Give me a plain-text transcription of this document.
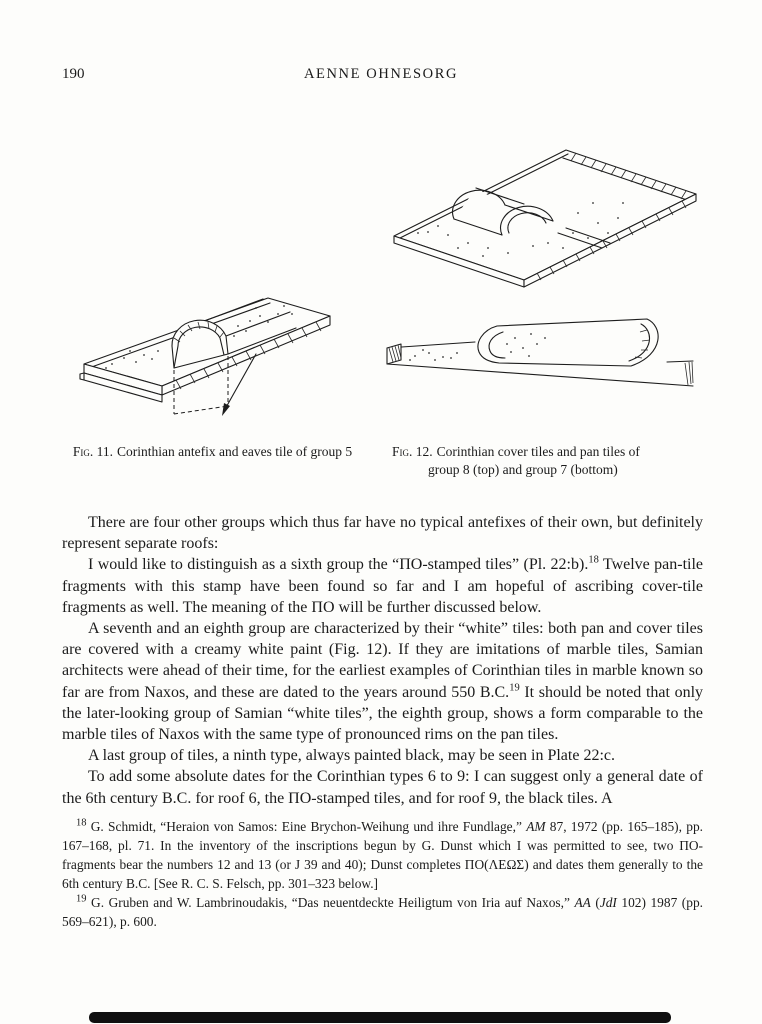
190	AENNE OHNESORG
Fig. 11. Corinthian antefix and eaves tile of group 5	Fig. 12. Corinthian cover tiles and pan tiles of
group 8 (top) and group 7 (bottom)
There are four other groups which thus far have no typical antefixes of their own, but definitely represent separate roofs:
I would like to distinguish as a sixth group the “ΠΟ-stamped tiles” (Pl. 22:b).$^{18}$ Twelve pan-tile fragments with this stamp have been found so far and I am hopeful of ascribing cover-tile fragments as well. The meaning of the ΠΟ will be further discussed below.
A seventh and an eighth group are characterized by their “white” tiles: both pan and cover tiles are covered with a creamy white paint (Fig. 12). If they are imitations of marble tiles, Samian architects were ahead of their time, for the earliest examples of Corinthian tiles in marble known so far are from Naxos, and these are dated to the years around 550 B.C.$^{19}$ It should be noted that only the later-looking group of Samian “white tiles”, the eighth group, shows a form comparable to the marble tiles of Naxos with the same type of pronounced rims on the pan tiles.
A last group of tiles, a ninth type, always painted black, may be seen in Plate 22:c.
To add some absolute dates for the Corinthian types 6 to 9: I can suggest only a general date of the 6th century B.C. for roof 6, the ΠΟ-stamped tiles, and for roof 9, the black tiles. A
$^{18}$ G. Schmidt, “Heraion von Samos: Eine Brychon-Weihung und ihre Fundlage,” AM 87, 1972 (pp. 165–185), pp. 167–168, pl. 71. In the inventory of the inscriptions begun by G. Dunst which I was permitted to see, two ΠΟ-fragments bear the numbers 12 and 13 (or J 39 and 40); Dunst completes ΠΟ(ΛΕΩΣ) and dates them generally to the 6th century B.C. [See R. C. S. Felsch, pp. 301–323 below.]
$^{19}$ G. Gruben and W. Lambrinoudakis, “Das neuentdeckte Heiligtum von Iria auf Naxos,” AA (JdI 102) 1987 (pp. 569–621), p. 600.
